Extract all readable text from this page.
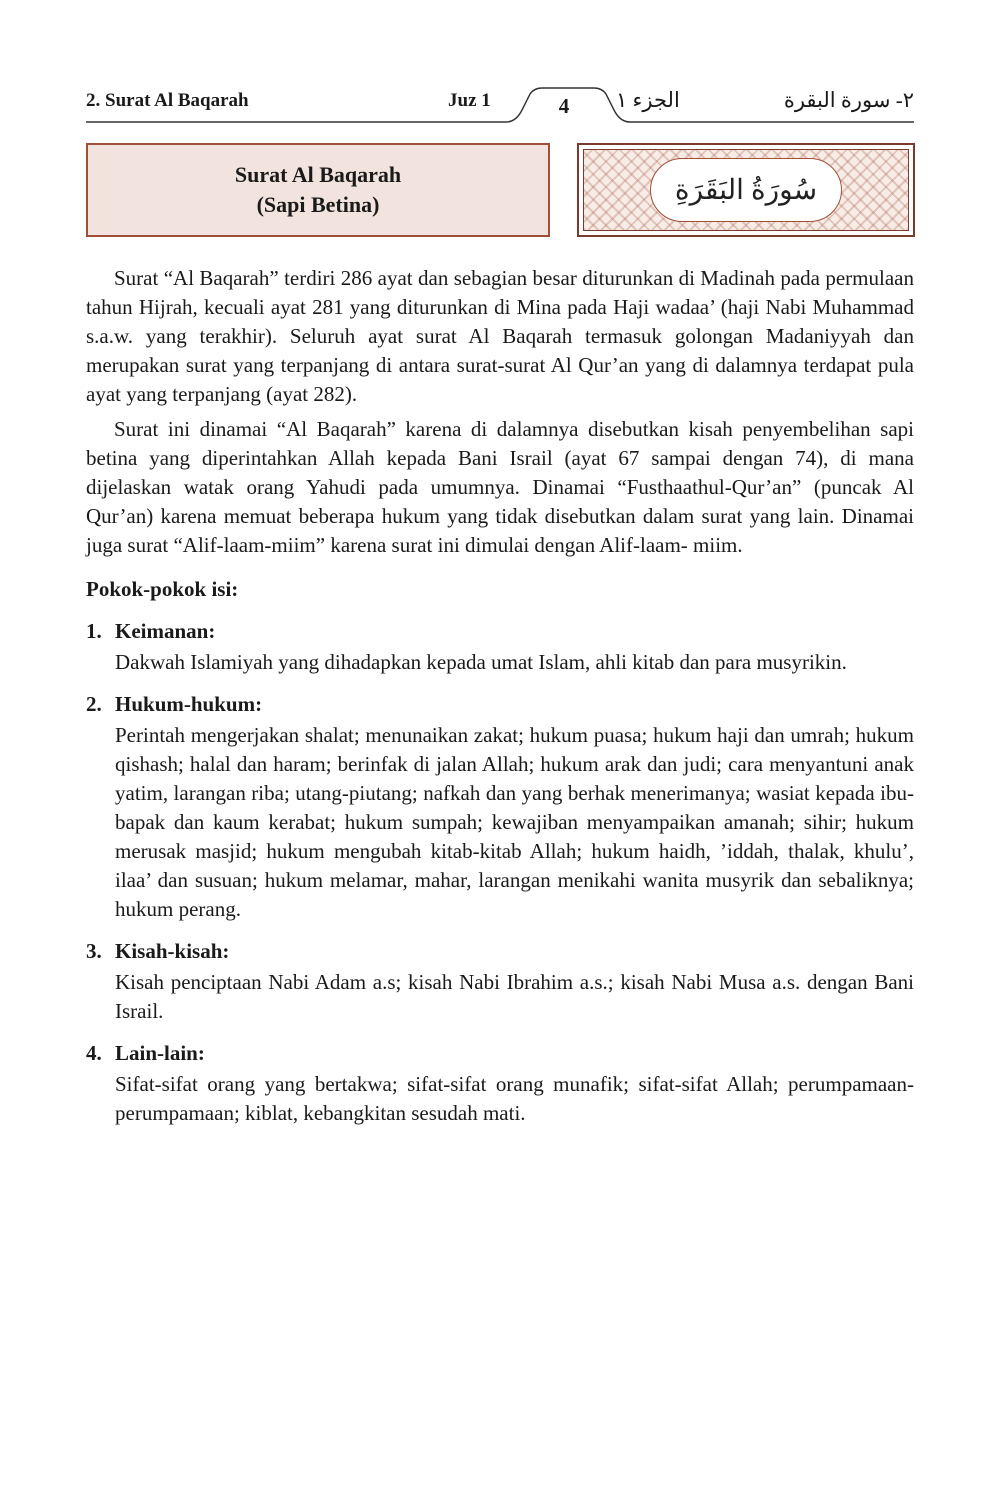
2. Surat Al Baqarah	Juz 1	4	الجزء ١	٢- سورة البقرة
Surat Al Baqarah
(Sapi Betina)	سُورَةُ البَقَرَةِ

Surat “Al Baqarah” terdiri 286 ayat dan sebagian besar diturunkan di Madinah pada permulaan tahun Hijrah, kecuali ayat 281 yang diturunkan di Mina pada Haji wadaa’ (haji Nabi Muhammad s.a.w. yang terakhir). Seluruh ayat surat Al Baqarah termasuk golongan Madaniyyah dan merupakan surat yang terpanjang di antara surat-surat Al Qur’an yang di dalamnya terdapat pula ayat yang terpanjang (ayat 282).

Surat ini dinamai “Al Baqarah” karena di dalamnya disebutkan kisah penyembelihan sapi betina yang diperintahkan Allah kepada Bani Israil (ayat 67 sampai dengan 74), di mana dijelaskan watak orang Yahudi pada umumnya. Dinamai “Fusthaathul-Qur’an” (puncak Al Qur’an) karena memuat beberapa hukum yang tidak disebutkan dalam surat yang lain. Dinamai juga surat “Alif-laam-miim” karena surat ini dimulai dengan Alif-laam- miim.

Pokok-pokok isi:
1. Keimanan:
Dakwah Islamiyah yang dihadapkan kepada umat Islam, ahli kitab dan para musyrikin.
2. Hukum-hukum:
Perintah mengerjakan shalat; menunaikan zakat; hukum puasa; hukum haji dan umrah; hukum qishash; halal dan haram; berinfak di jalan Allah; hukum arak dan judi; cara menyantuni anak yatim, larangan riba; utang-piutang; nafkah dan yang berhak menerimanya; wasiat kepada ibu-bapak dan kaum kerabat; hukum sumpah; kewajiban menyampaikan amanah; sihir; hukum merusak masjid; hukum mengubah kitab-kitab Allah; hukum haidh, ’iddah, thalak, khulu’, ilaa’ dan susuan; hukum melamar, mahar, larangan menikahi wanita musyrik dan sebaliknya; hukum perang.
3. Kisah-kisah:
Kisah penciptaan Nabi Adam a.s; kisah Nabi Ibrahim a.s.; kisah Nabi Musa a.s. dengan Bani Israil.
4. Lain-lain:
Sifat-sifat orang yang bertakwa; sifat-sifat orang munafik; sifat-sifat Allah; perumpamaan-perumpamaan; kiblat, kebangkitan sesudah mati.
